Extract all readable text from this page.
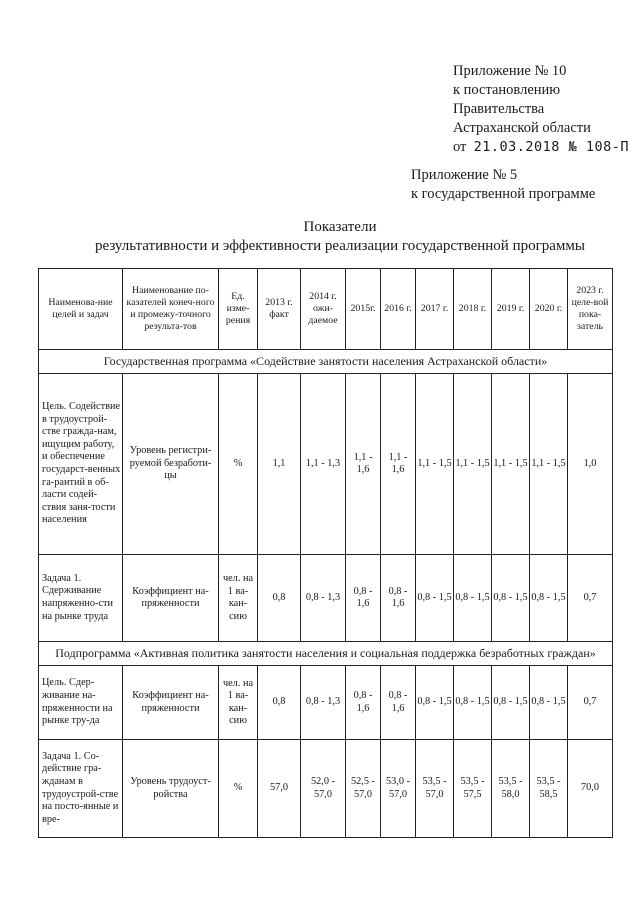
Приложение № 10
к постановлению
Правительства
Астраханской области
от 21.03.2018 № 108-П
Приложение № 5
к государственной программе
Показатели
результативности и эффективности реализации государственной программы
Наименова-ние целей и задач	Наименование по-казателей конеч-ного и промежу-точного результа-тов	Ед. изме-рения	2013 г. факт	2014 г. ожи-даемое	2015г.	2016 г.	2017 г.	2018 г.	2019 г.	2020 г.	2023 г. целе-вой пока-затель
Государственная программа «Содействие занятости населения Астраханской области»											
Цель. Содействие в трудоустрой-стве гражда-нам, ищущим работу, и обеспечение государст-венных га-рантий в об-ласти содей-ствия заня-тости населения	Уровень регистри-руемой безработи-цы	%	1,1	1,1 - 1,3	1,1 - 1,6	1,1 - 1,6	1,1 - 1,5	1,1 - 1,5	1,1 - 1,5	1,1 - 1,5	1,0
Задача 1. Сдерживание напряженно-сти на рынке труда	Коэффициент на-пряженности	чел. на 1 ва-кан-сию	0,8	0,8 - 1,3	0,8 - 1,6	0,8 - 1,6	0,8 - 1,5	0,8 - 1,5	0,8 - 1,5	0,8 - 1,5	0,7
Подпрограмма «Активная политика занятости населения и социальная поддержка безработных граждан»											
Цель. Сдер-живание на-пряженности на рынке тру-да	Коэффициент на-пряженности	чел. на 1 ва-кан-сию	0,8	0,8 - 1,3	0,8 - 1,6	0,8 - 1,6	0,8 - 1,5	0,8 - 1,5	0,8 - 1,5	0,8 - 1,5	0,7
Задача 1. Со-действие гра-жданам в трудоустрой-стве на посто-янные и вре-	Уровень трудоуст-ройства	%	57,0	52,0 - 57,0	52,5 - 57,0	53,0 - 57,0	53,5 - 57,0	53,5 - 57,5	53,5 - 58,0	53,5 - 58,5	70,0
